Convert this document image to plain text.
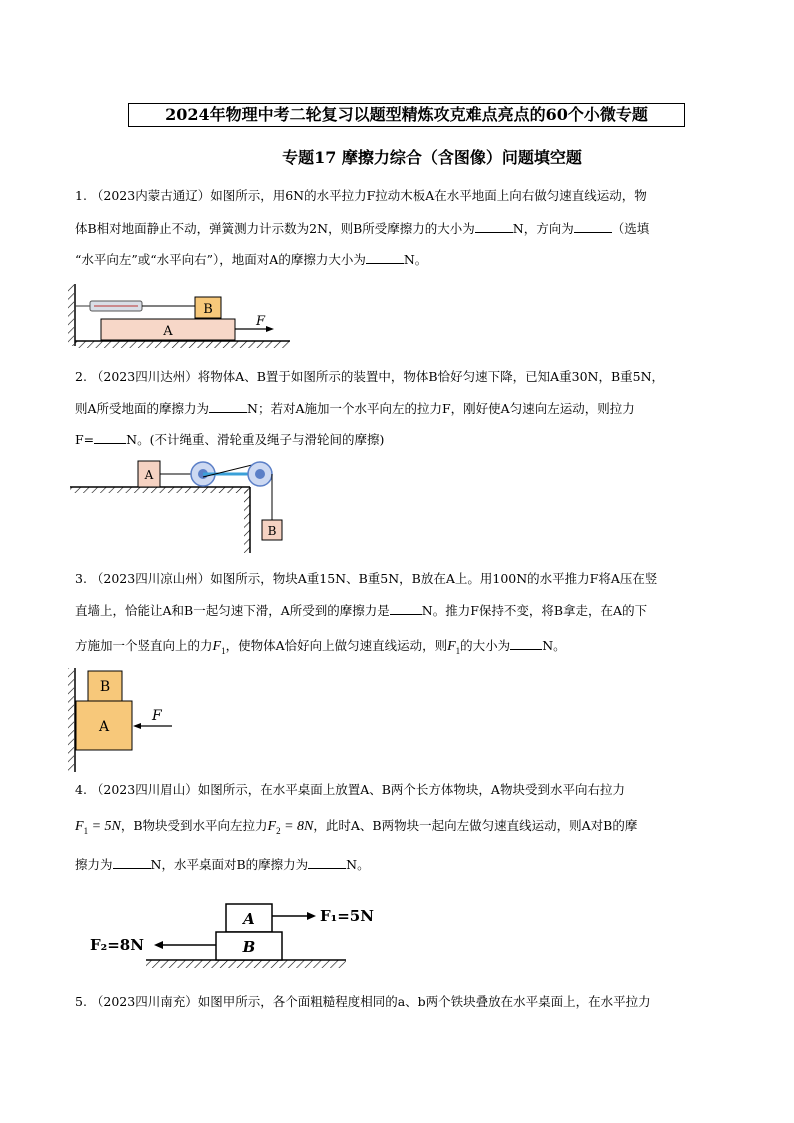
2024年物理中考二轮复习以题型精炼攻克难点亮点的60个小微专题
专题17 摩擦力综合（含图像）问题填空题
1. （2023内蒙古通辽）如图所示，用6N的水平拉力F拉动木板A在水平地面上向右做匀速直线运动，物
体B相对地面静止不动，弹簧测力计示数为2N，则B所受摩擦力的大小为	N，方向为	（选填
“水平向左”或“水平向右”），地面对A的摩擦力大小为	N。
B
A
F
2. （2023四川达州）将物体A、B置于如图所示的装置中，物体B恰好匀速下降，已知A重30N，B重5N，
则A所受地面的摩擦力为	N；若对A施加一个水平向左的拉力F，刚好使A匀速向左运动，则拉力
F=	N。(不计绳重、滑轮重及绳子与滑轮间的摩擦)
A
B
3. （2023四川凉山州）如图所示，物块A重15N、B重5N，B放在A上。用100N的水平推力F将A压在竖
直墙上，恰能让A和B一起匀速下滑，A所受到的摩擦力是	N。推力F保持不变，将B拿走，在A的下
方施加一个竖直向上的力$F_1$，使物体A恰好向上做匀速直线运动，则$F_1$的大小为	N。
B
A
F
4. （2023四川眉山）如图所示，在水平桌面上放置A、B两个长方体物块，A物块受到水平向右拉力
$F_1 = 5N$，B物块受到水平向左拉力$F_2 = 8N$，此时A、B两物块一起向左做匀速直线运动，则A对B的摩
擦力为	N，水平桌面对B的摩擦力为	N。
A
B
F₁=5N
F₂=8N
5. （2023四川南充）如图甲所示，各个面粗糙程度相同的a、b两个铁块叠放在水平桌面上，在水平拉力
